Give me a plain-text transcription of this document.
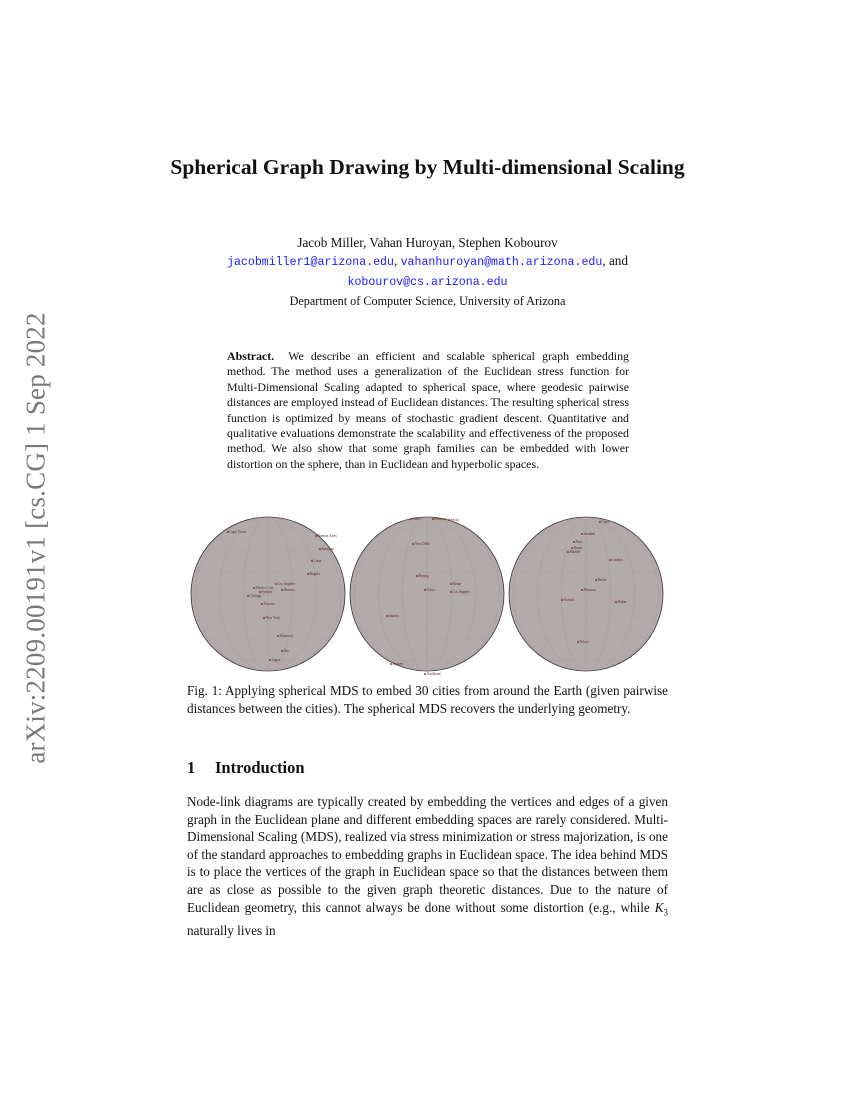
arXiv:2209.00191v1 [cs.CG] 1 Sep 2022
Spherical Graph Drawing by Multi-dimensional Scaling
Jacob Miller, Vahan Huroyan, Stephen Kobourov
jacobmiller1@arizona.edu, vahanhuroyan@math.arizona.edu, and
kobourov@cs.arizona.edu
Department of Computer Science, University of Arizona
Abstract. We describe an efficient and scalable spherical graph embedding method. The method uses a generalization of the Euclidean stress function for Multi-Dimensional Scaling adapted to spherical space, where geodesic pairwise distances are employed instead of Euclidean distances. The resulting spherical stress function is optimized by means of stochastic gradient descent. Quantitative and qualitative evaluations demonstrate the scalability and effectiveness of the proposed method. We also show that some graph families can be embedded with lower distortion on the sphere, than in Euclidean and hyperbolic spaces.
Cape Town
Buenos Aires
Santiago
Lima
Bogota
Mexico City
Los Angeles
Havana
Chicago
Toronto
New York
Montreal
Rio
Lagos
Sydney
New Delhi
Beijing
Tokyo
Jakarta
Sydney
Auckland
Moscow
Cairo	Seoul
Los Angeles
Rome
Cairo
Istanbul
Paris
Rome
Madrid
London
Berlin
Moscow
Nairobi	Dubai
Tokyo
Fig. 1: Applying spherical MDS to embed 30 cities from around the Earth (given pairwise distances between the cities). The spherical MDS recovers the underlying geometry.
1 Introduction

Node-link diagrams are typically created by embedding the vertices and edges of a given graph in the Euclidean plane and different embedding spaces are rarely considered. Multi-Dimensional Scaling (MDS), realized via stress minimization or stress majorization, is one of the standard approaches to embedding graphs in Euclidean space. The idea behind MDS is to place the vertices of the graph in Euclidean space so that the distances between them are as close as possible to the given graph theoretic distances. Due to the nature of Euclidean geometry, this cannot always be done without some distortion (e.g., while $K_3$ naturally lives in
